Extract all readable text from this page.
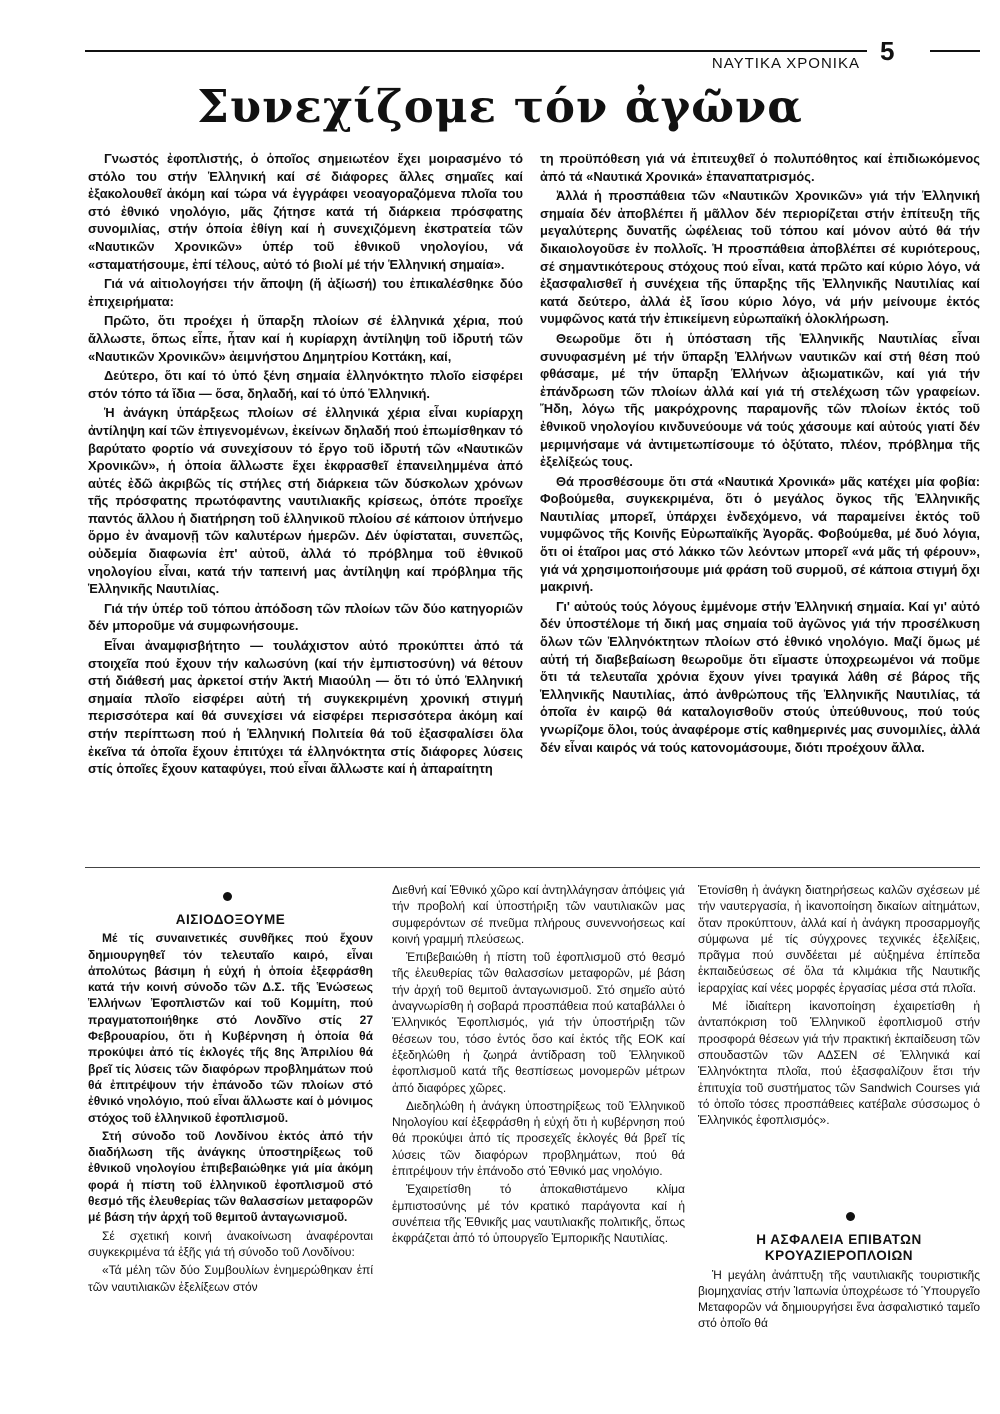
ΝΑΥΤΙΚΑ ΧΡΟΝΙΚΑ 5
Συνεχίζομε τόν ἀγῶνα

Γνωστός ἐφοπλιστής, ὁ ὁποῖος σημειωτέον ἔχει μοιρασμένο τό στόλο του στήν Ἑλληνική καί σέ διάφορες ἄλλες σημαῖες καί ἐξακολουθεῖ ἀκόμη καί τώρα νά ἐγγράφει νεοαγοραζόμενα πλοῖα του στό ἐθνικό νηολόγιο, μᾶς ζήτησε κατά τή διάρκεια πρόσφατης συνομιλίας, στήν ὁποία ἐθίγη καί ἡ συνεχιζόμενη ἐκστρατεία τῶν «Ναυτικῶν Χρονικῶν» ὑπέρ τοῦ ἐθνικοῦ νηολογίου, νά «σταματήσουμε, ἐπί τέλους, αὐτό τό βιολί μέ τήν Ἑλληνική σημαία».

Γιά νά αἰτιολογήσει τήν ἄποψη (ἤ ἀξίωσή) του ἐπικαλέσθηκε δύο ἐπιχειρήματα:

Πρῶτο, ὅτι προέχει ἡ ὕπαρξη πλοίων σέ ἑλληνικά χέρια, πού ἄλλωστε, ὅπως εἶπε, ἦταν καί ἡ κυρίαρχη ἀντίληψη τοῦ ἱδρυτή τῶν «Ναυτικῶν Χρονικῶν» ἀειμνήστου Δημητρίου Κοττάκη, καί,

Δεύτερο, ὅτι καί τό ὑπό ξένη σημαία ἑλληνόκτητο πλοῖο εἰσφέρει στόν τόπο τά ἴδια — ὅσα, δηλαδή, καί τό ὑπό Ἑλληνική.

Ἡ ἀνάγκη ὑπάρξεως πλοίων σέ ἑλληνικά χέρια εἶναι κυρίαρχη ἀντίληψη καί τῶν ἐπιγενομένων, ἐκείνων δηλαδή πού ἐπωμίσθηκαν τό βαρύτατο φορτίο νά συνεχίσουν τό ἔργο τοῦ ἱδρυτή τῶν «Ναυτικῶν Χρονικῶν», ἡ ὁποία ἄλλωστε ἔχει ἐκφρασθεῖ ἐπανειλημμένα ἀπό αὐτές ἐδῶ ἀκριβῶς τίς στήλες στή διάρκεια τῶν δύσκολων χρόνων τῆς πρόσφατης πρωτόφαντης ναυτιλιακῆς κρίσεως, ὁπότε προεῖχε παντός ἄλλου ἡ διατήρηση τοῦ ἑλληνικοῦ πλοίου σέ κάποιον ὑπήνεμο ὅρμο ἐν ἀναμονῇ τῶν καλυτέρων ἡμερῶν. Δέν ὑφίσταται, συνεπῶς, οὐδεμία διαφωνία ἐπ' αὐτοῦ, ἀλλά τό πρόβλημα τοῦ ἐθνικοῦ νηολογίου εἶναι, κατά τήν ταπεινή μας ἀντίληψη καί πρόβλημα τῆς Ἑλληνικῆς Ναυτιλίας.

Γιά τήν ὑπέρ τοῦ τόπου ἀπόδοση τῶν πλοίων τῶν δύο κατηγοριῶν δέν μποροῦμε νά συμφωνήσουμε.

Εἶναι ἀναμφισβήτητο — τουλάχιστον αὐτό προκύπτει ἀπό τά στοιχεῖα πού ἔχουν τήν καλωσύνη (καί τήν ἐμπιστοσύνη) νά θέτουν στή διάθεσή μας ἀρκετοί στήν Ἀκτή Μιαούλη — ὅτι τό ὑπό Ἑλληνική σημαία πλοῖο εἰσφέρει αὐτή τή συγκεκριμένη χρονική στιγμή περισσότερα καί θά συνεχίσει νά εἰσφέρει περισσότερα ἀκόμη καί στήν περίπτωση πού ἡ Ἑλληνική Πολιτεία θά τοῦ ἐξασφαλίσει ὅλα ἐκεῖνα τά ὁποῖα ἔχουν ἐπιτύχει τά ἑλληνόκτητα στίς διάφορες λύσεις στίς ὁποῖες ἔχουν καταφύγει, πού εἶναι ἄλλωστε καί ἡ ἀπαραίτητη

τη προϋπόθεση γιά νά ἐπιτευχθεῖ ὁ πολυπόθητος καί ἐπιδιωκόμενος ἀπό τά «Ναυτικά Χρονικά» ἐπαναπατρισμός.

Ἀλλά ἡ προσπάθεια τῶν «Ναυτικῶν Χρονικῶν» γιά τήν Ἑλληνική σημαία δέν ἀποβλέπει ἤ μᾶλλον δέν περιορίζεται στήν ἐπίτευξη τῆς μεγαλύτερης δυνατῆς ὠφέλειας τοῦ τόπου καί μόνον αὐτό θά τήν δικαιολογοῦσε ἐν πολλοῖς. Ἡ προσπάθεια ἀποβλέπει σέ κυριότερους, σέ σημαντικότερους στόχους πού εἶναι, κατά πρῶτο καί κύριο λόγο, νά ἐξασφαλισθεῖ ἡ συνέχεια τῆς ὕπαρξης τῆς Ἑλληνικῆς Ναυτιλίας καί κατά δεύτερο, ἀλλά ἐξ ἴσου κύριο λόγο, νά μήν μείνουμε ἐκτός νυμφῶνος κατά τήν ἐπικείμενη εὐρωπαϊκή ὁλοκλήρωση.

Θεωροῦμε ὅτι ἡ ὑπόσταση τῆς Ἑλληνικῆς Ναυτιλίας εἶναι συνυφασμένη μέ τήν ὕπαρξη Ἑλλήνων ναυτικῶν καί στή θέση πού φθάσαμε, μέ τήν ὕπαρξη Ἑλλήνων ἀξιωματικῶν, καί γιά τήν ἐπάνδρωση τῶν πλοίων ἀλλά καί γιά τή στελέχωση τῶν γραφείων. Ἤδη, λόγω τῆς μακρόχρονης παραμονῆς τῶν πλοίων ἐκτός τοῦ ἐθνικοῦ νηολογίου κινδυνεύουμε νά τούς χάσουμε καί αὐτούς γιατί δέν μεριμνήσαμε νά ἀντιμετωπίσουμε τό ὀξύτατο, πλέον, πρόβλημα τῆς ἐξελίξεώς τους.

Θά προσθέσουμε ὅτι στά «Ναυτικά Χρονικά» μᾶς κατέχει μία φοβία: Φοβούμεθα, συγκεκριμένα, ὅτι ὁ μεγάλος ὄγκος τῆς Ἑλληνικῆς Ναυτιλίας μπορεῖ, ὑπάρχει ἐνδεχόμενο, νά παραμείνει ἐκτός τοῦ νυμφῶνος τῆς Κοινῆς Εὐρωπαϊκῆς Ἀγορᾶς. Φοβούμεθα, μέ δυό λόγια, ὅτι οἱ ἑταῖροι μας στό λάκκο τῶν λεόντων μπορεῖ «νά μᾶς τή φέρουν», γιά νά χρησιμοποιήσουμε μιά φράση τοῦ συρμοῦ, σέ κάποια στιγμή ὄχι μακρινή.

Γι' αὐτούς τούς λόγους ἐμμένομε στήν Ἑλληνική σημαία. Καί γι' αὐτό δέν ὑποστέλομε τή δική μας σημαία τοῦ ἀγῶνος γιά τήν προσέλκυση ὅλων τῶν Ἑλληνόκτητων πλοίων στό ἐθνικό νηολόγιο. Μαζί ὅμως μέ αὐτή τή διαβεβαίωση θεωροῦμε ὅτι εἴμαστε ὑποχρεωμένοι νά ποῦμε ὅτι τά τελευταῖα χρόνια ἔχουν γίνει τραγικά λάθη σέ βάρος τῆς Ἑλληνικῆς Ναυτιλίας, ἀπό ἀνθρώπους τῆς Ἑλληνικῆς Ναυτιλίας, τά ὁποῖα ἐν καιρῷ θά καταλογισθοῦν στούς ὑπεύθυνους, πού τούς γνωρίζομε ὅλοι, τούς ἀναφέρομε στίς καθημερινές μας συνομιλίες, ἀλλά δέν εἶναι καιρός νά τούς κατονομάσουμε, διότι προέχουν ἄλλα.

ΑΙΣΙΟΔΟΞΟΥΜΕ

Μέ τίς συναινετικές συνθῆκες πού ἔχουν δημιουργηθεῖ τόν τελευταῖο καιρό, εἶναι ἀπολύτως βάσιμη ἡ εὐχή ἡ ὁποία ἐξεφράσθη κατά τήν κοινή σύνοδο τῶν Δ.Σ. τῆς Ἑνώσεως Ἑλλήνων Ἐφοπλιστῶν καί τοῦ Κομμίτη, πού πραγματοποιήθηκε στό Λονδῖνο στίς 27 Φεβρουαρίου, ὅτι ἡ Κυβέρνηση ἡ ὁποία θά προκύψει ἀπό τίς ἐκλογές τῆς 8ης Ἀπριλίου θά βρεῖ τίς λύσεις τῶν διαφόρων προβλημάτων πού θά ἐπιτρέψουν τήν ἐπάνοδο τῶν πλοίων στό ἐθνικό νηολόγιο, πού εἶναι ἄλλωστε καί ὁ μόνιμος στόχος τοῦ ἑλληνικοῦ ἐφοπλισμοῦ.

Στή σύνοδο τοῦ Λονδίνου ἐκτός ἀπό τήν διαδήλωση τῆς ἀνάγκης ὑποστηρίξεως τοῦ ἐθνικοῦ νηολογίου ἐπιβεβαιώθηκε γιά μία ἀκόμη φορά ἡ πίστη τοῦ ἑλληνικοῦ ἐφοπλισμοῦ στό θεσμό τῆς ἐλευθερίας τῶν θαλασσίων μεταφορῶν μέ βάση τήν ἀρχή τοῦ θεμιτοῦ ἀνταγωνισμοῦ.

Σέ σχετική κοινή ἀνακοίνωση ἀναφέρονται συγκεκριμένα τά ἑξῆς γιά τή σύνοδο τοῦ Λονδίνου:

«Τά μέλη τῶν δύο Συμβουλίων ἐνημερώθηκαν ἐπί τῶν ναυτιλιακῶν ἐξελίξεων στόν

Διεθνή καί Ἐθνικό χῶρο καί ἀντηλλάγησαν ἀπόψεις γιά τήν προβολή καί ὑποστήριξη τῶν ναυτιλιακῶν μας συμφερόντων σέ πνεῦμα πλήρους συνεννοήσεως καί κοινή γραμμή πλεύσεως.

Ἐπιβεβαιώθη ἡ πίστη τοῦ ἐφοπλισμοῦ στό θεσμό τῆς ἐλευθερίας τῶν θαλασσίων μεταφορῶν, μέ βάση τήν ἀρχή τοῦ θεμιτοῦ ἀνταγωνισμοῦ. Στό σημεῖο αὐτό ἀναγνωρίσθη ἡ σοβαρά προσπάθεια πού καταβάλλει ὁ Ἑλληνικός Ἐφοπλισμός, γιά τήν ὑποστήριξη τῶν θέσεων του, τόσο ἐντός ὅσο καί ἐκτός τῆς ΕΟΚ καί ἐξεδηλώθη ἡ ζωηρά ἀντίδραση τοῦ Ἑλληνικοῦ ἐφοπλισμοῦ κατά τῆς θεσπίσεως μονομερῶν μέτρων ἀπό διαφόρες χῶρες.

Διεδηλώθη ἡ ἀνάγκη ὑποστηρίξεως τοῦ Ἑλληνικοῦ Νηολογίου καί ἐξεφράσθη ἡ εὐχή ὅτι ἡ κυβέρνηση πού θά προκύψει ἀπό τίς προσεχεῖς ἐκλογές θά βρεῖ τίς λύσεις τῶν διαφόρων προβλημάτων, πού θά ἐπιτρέψουν τήν ἐπάνοδο στό Ἐθνικό μας νηολόγιο.

Ἐχαιρετίσθη τό ἀποκαθιστάμενο κλίμα ἐμπιστοσύνης μέ τόν κρατικό παράγοντα καί ἡ συνέπεια τῆς Ἐθνικῆς μας ναυτιλιακῆς πολιτικῆς, ὅπως ἐκφράζεται ἀπό τό ὑπουργεῖο Ἐμπορικῆς Ναυτιλίας.

Ἐτονίσθη ἡ ἀνάγκη διατηρήσεως καλῶν σχέσεων μέ τήν ναυτεργασία, ἡ ἱκανοποίηση δικαίων αἰτημάτων, ὅταν προκύπτουν, ἀλλά καί ἡ ἀνάγκη προσαρμογῆς σύμφωνα μέ τίς σύγχρονες τεχνικές ἐξελίξεις, πρᾶγμα πού συνδέεται μέ αὐξημένα ἐπίπεδα ἐκπαιδεύσεως σέ ὅλα τά κλιμάκια τῆς Ναυτικῆς ἱεραρχίας καί νέες μορφές ἐργασίας μέσα στά πλοῖα.

Μέ ἰδιαίτερη ἱκανοποίηση ἐχαιρετίσθη ἡ ἀνταπόκριση τοῦ Ἑλληνικοῦ ἐφοπλισμοῦ στήν προσφορά θέσεων γιά τήν πρακτική ἐκπαίδευση τῶν σπουδαστῶν τῶν ΑΔΣΕΝ σέ Ἑλληνικά καί Ἑλληνόκτητα πλοῖα, πού ἐξασφαλίζουν ἔτσι τήν ἐπιτυχία τοῦ συστήματος τῶν Sandwich Courses γιά τό ὁποῖο τόσες προσπάθειες κατέβαλε σύσσωμος ὁ Ἑλληνικός ἐφοπλισμός».

Η ΑΣΦΑΛΕΙΑ ΕΠΙΒΑΤΩΝ

ΚΡΟΥΑΖΙΕΡΟΠΛΟΙΩΝ

Ἡ μεγάλη ἀνάπτυξη τῆς ναυτιλιακῆς τουριστικῆς βιομηχανίας στήν Ἰαπωνία ὑποχρέωσε τό Ὑπουργεῖο Μεταφορῶν νά δημιουργήσει ἕνα ἀσφαλιστικό ταμεῖο στό ὁποῖο θά
